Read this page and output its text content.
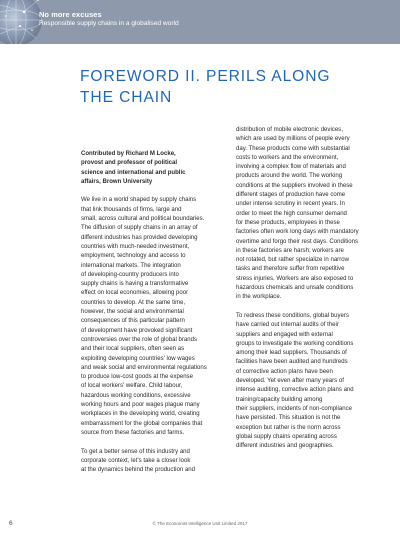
No more excuses
Responsible supply chains in a globalised world
FOREWORD II. PERILS ALONG
THE CHAIN

Contributed by Richard M Locke,
provost and professor of political
science and international and public
affairs, Brown University

We live in a world shaped by supply chains
that link thousands of firms, large and
small, across cultural and political boundaries.
The diffusion of supply chains in an array of
different industries has provided developing
countries with much-needed investment,
employment, technology and access to
international markets. The integration
of developing-country producers into
supply chains is having a transformative
effect on local economies, allowing poor
countries to develop. At the same time,
however, the social and environmental
consequences of this particular pattern
of development have provoked significant
controversies over the role of global brands
and their local suppliers, often seen as
exploiting developing countries' low wages
and weak social and environmental regulations
to produce low-cost goods at the expense
of local workers' welfare. Child labour,
hazardous working conditions, excessive
working hours and poor wages plague many
workplaces in the developing world, creating
embarrassment for the global companies that
source from these factories and farms.

To get a better sense of this industry and
corporate context, let's take a closer look
at the dynamics behind the production and

distribution of mobile electronic devices,
which are used by millions of people every
day. These products come with substantial
costs to workers and the environment,
involving a complex flow of materials and
products around the world. The working
conditions at the suppliers involved in these
different stages of production have come
under intense scrutiny in recent years. In
order to meet the high consumer demand
for these products, employees in these
factories often work long days with mandatory
overtime and forgo their rest days. Conditions
in these factories are harsh; workers are
not rotated, but rather specialize in narrow
tasks and therefore suffer from repetitive
stress injuries. Workers are also exposed to
hazardous chemicals and unsafe conditions
in the workplace.

To redress these conditions, global buyers
have carried out internal audits of their
suppliers and engaged with external
groups to investigate the working conditions
among their lead suppliers. Thousands of
facilities have been audited and hundreds
of corrective action plans have been
developed. Yet even after many years of
intense auditing, corrective action plans and
training/capacity building among
their suppliers, incidents of non-compliance
have persisted. This situation is not the
exception but rather is the norm across
global supply chains operating across
different industries and geographies.

6	© The Economist Intelligence Unit Limited 2017
